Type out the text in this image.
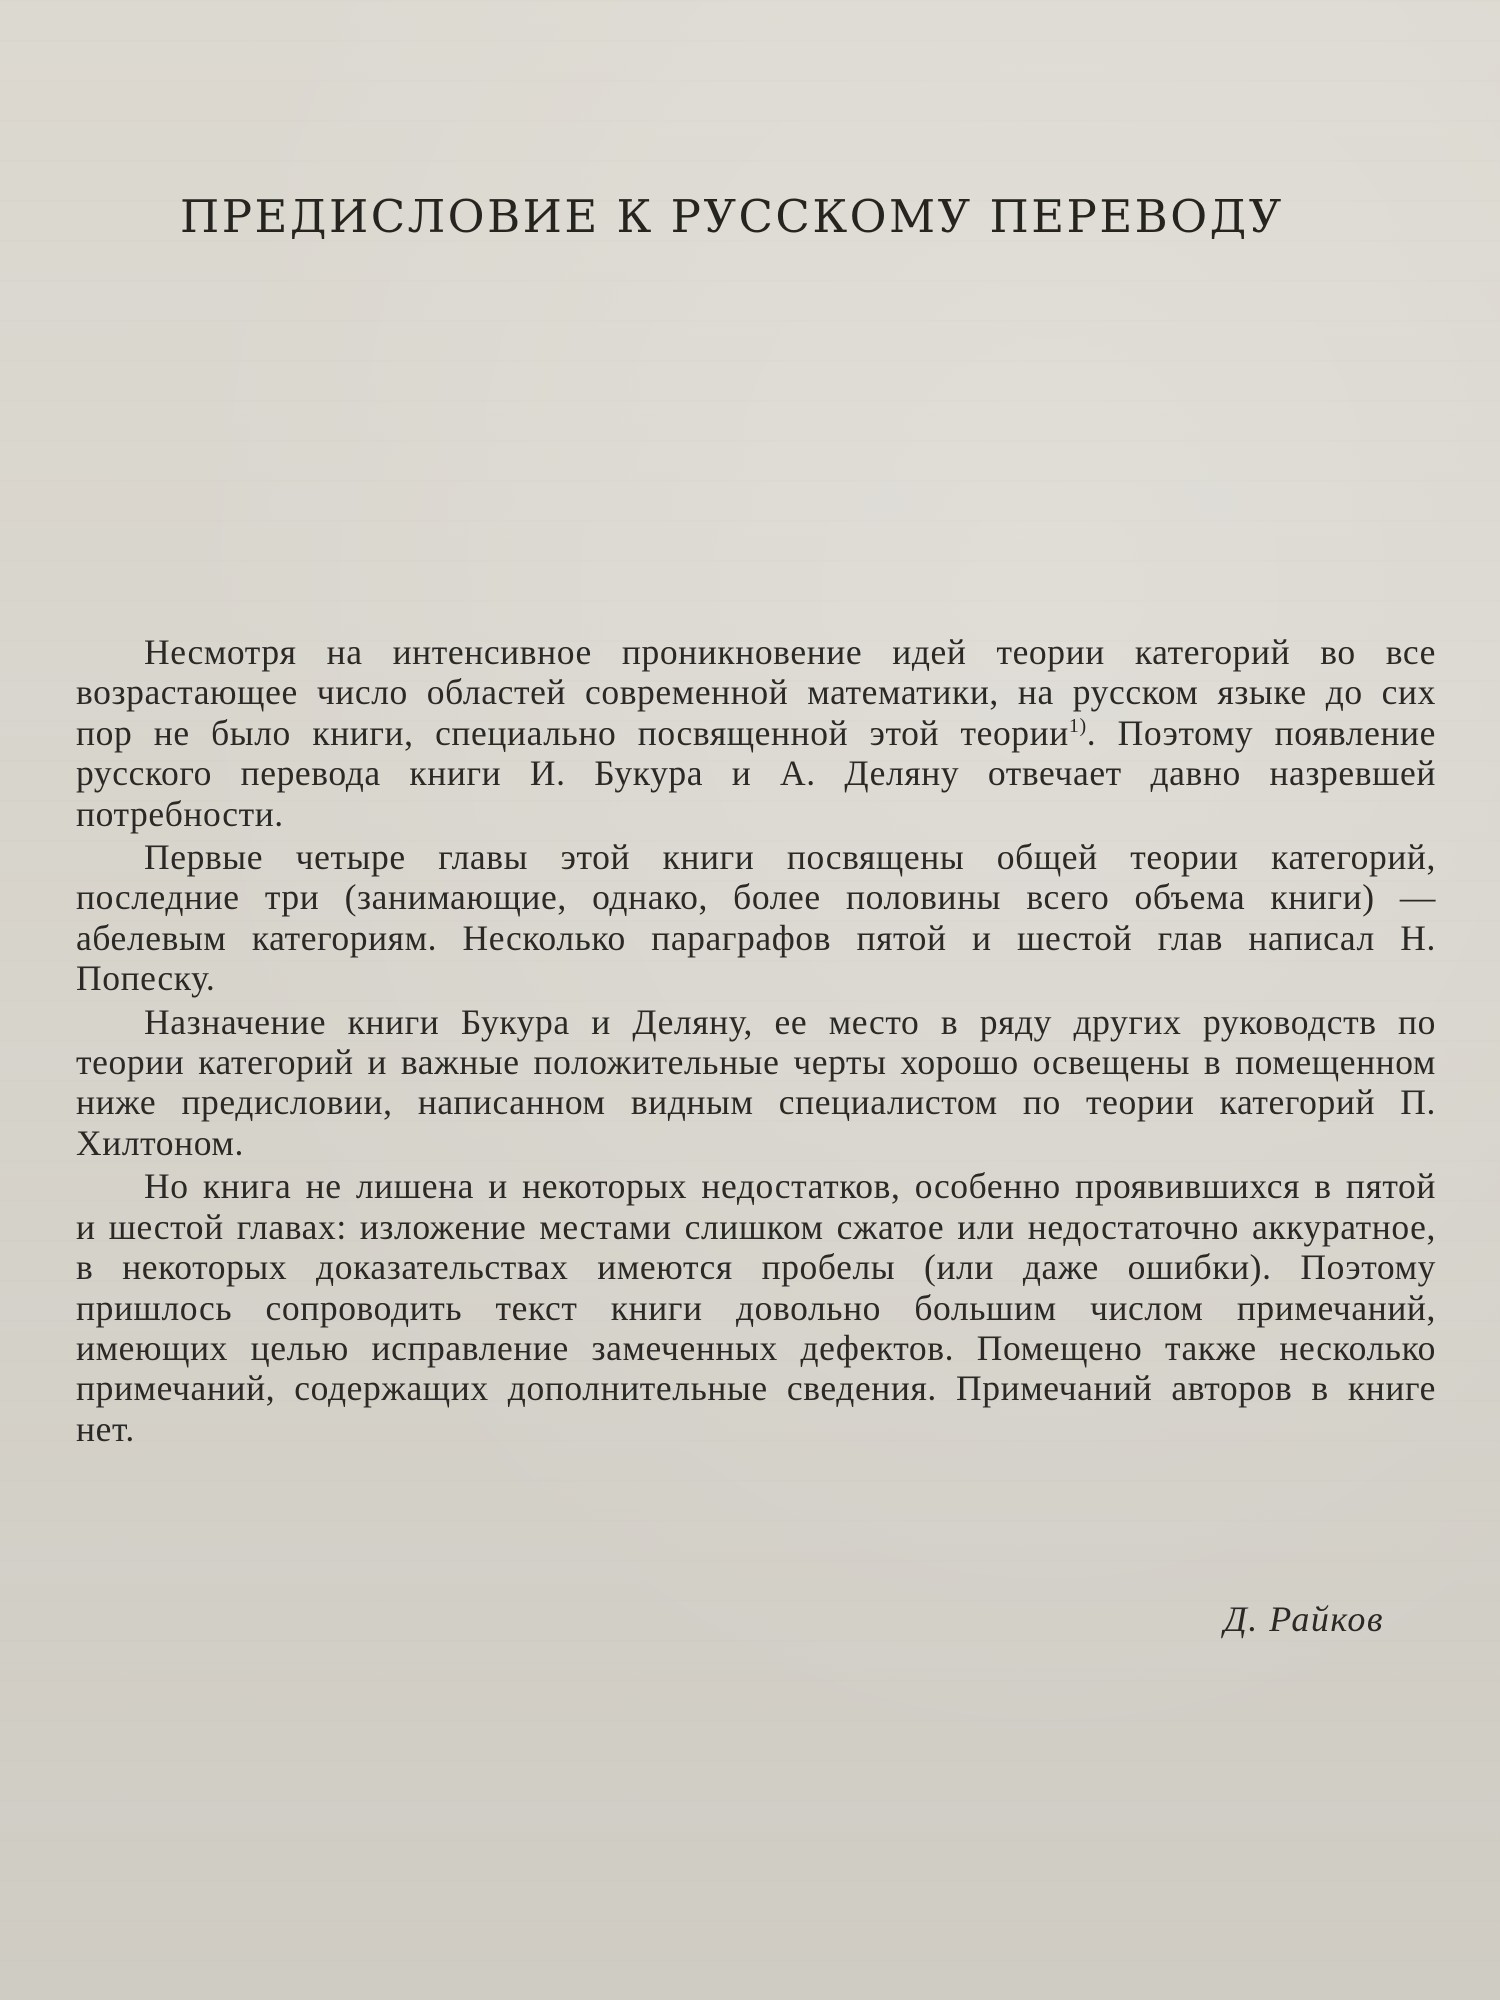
ПРЕДИСЛОВИЕ К РУССКОМУ ПЕРЕВОДУ

Несмотря на интенсивное проникновение идей теории категорий во все возрастающее число областей современной математики, на русском языке до сих пор не было книги, специально посвященной этой теории$^{1)}$. Поэтому появление русского перевода книги И. Букура и А. Деляну отвечает давно назревшей потребности.

Первые четыре главы этой книги посвящены общей теории категорий, последние три (занимающие, однако, более половины всего объема книги) — абелевым категориям. Несколько параграфов пятой и шестой глав написал Н. Попеску.

Назначение книги Букура и Деляну, ее место в ряду других руководств по теории категорий и важные положительные черты хорошо освещены в помещенном ниже предисловии, написанном видным специалистом по теории категорий П. Хилтоном.

Но книга не лишена и некоторых недостатков, особенно проявившихся в пятой и шестой главах: изложение местами слишком сжатое или недостаточно аккуратное, в некоторых доказательствах имеются пробелы (или даже ошибки). Поэтому пришлось сопроводить текст книги довольно большим числом примечаний, имеющих целью исправление замеченных дефектов. Помещено также несколько примечаний, содержащих дополнительные сведения. Примечаний авторов в книге нет.

Д. Райков
